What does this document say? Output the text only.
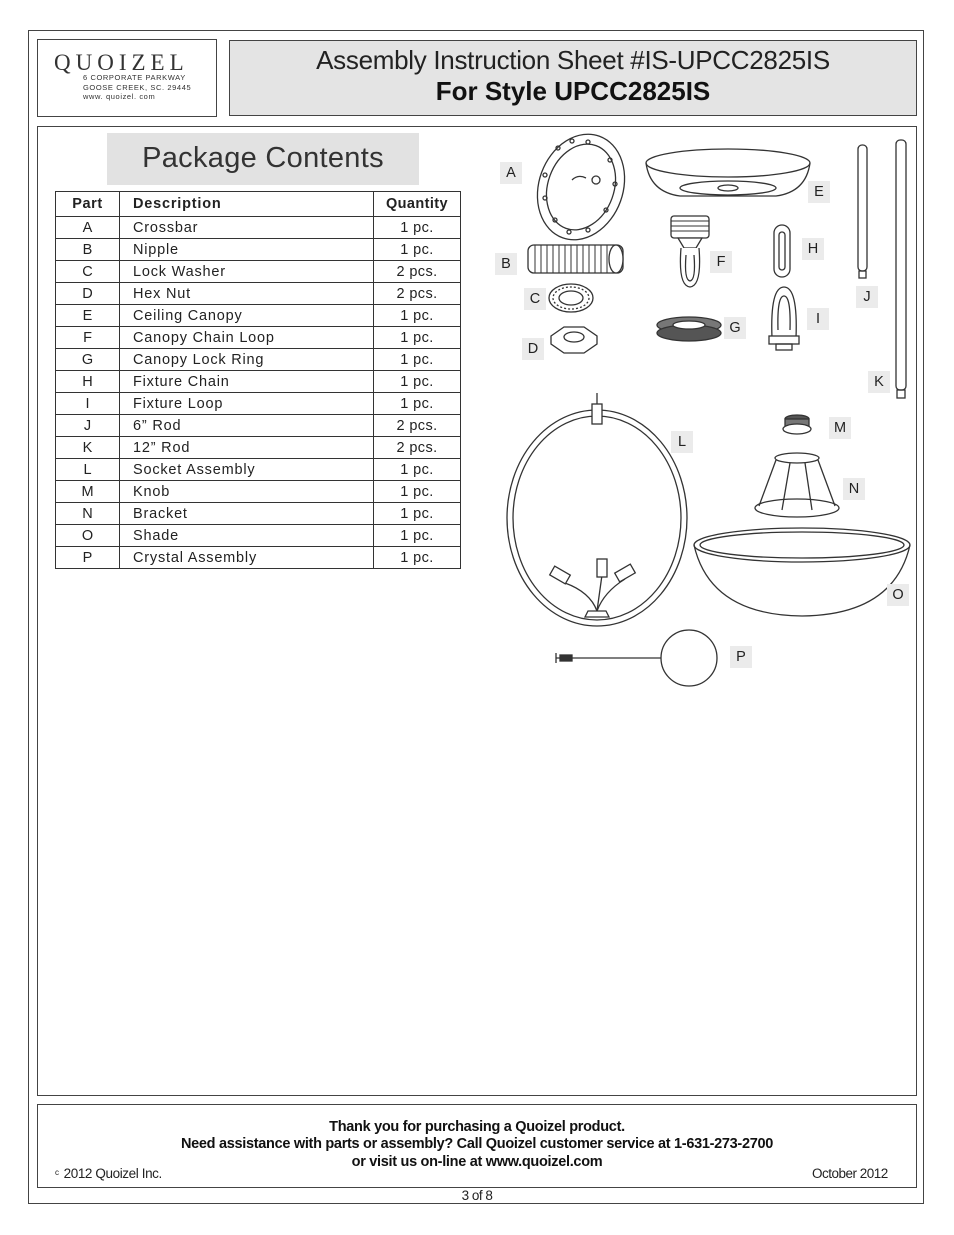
QUOIZEL
6 CORPORATE PARKWAY
GOOSE CREEK, SC. 29445
www. quoizel. com
Assembly Instruction Sheet #IS-UPCC2825IS
For Style UPCC2825IS
Package Contents
Part	Description	Quantity
A	Crossbar	1 pc.
B	Nipple	1 pc.
C	Lock Washer	2 pcs.
D	Hex Nut	2 pcs.
E	Ceiling Canopy	1 pc.
F	Canopy Chain Loop	1 pc.
G	Canopy Lock Ring	1 pc.
H	Fixture Chain	1 pc.
I	Fixture Loop	1 pc.
J	6” Rod	2 pcs.
K	12” Rod	2 pcs.
L	Socket Assembly	1 pc.
M	Knob	1 pc.
N	Bracket	1 pc.
O	Shade	1 pc.
P	Crystal Assembly	1 pc.
A
B
C
D
E
F
G
H
I
J
K
L
M
N
O
P
Thank you for purchasing a Quoizel product.
Need assistance with parts or assembly? Call Quoizel customer service at 1-631-273-2700
or visit us on-line at www.quoizel.com
$^c$ 2012 Quoizel Inc.	October 2012
3 of 8
